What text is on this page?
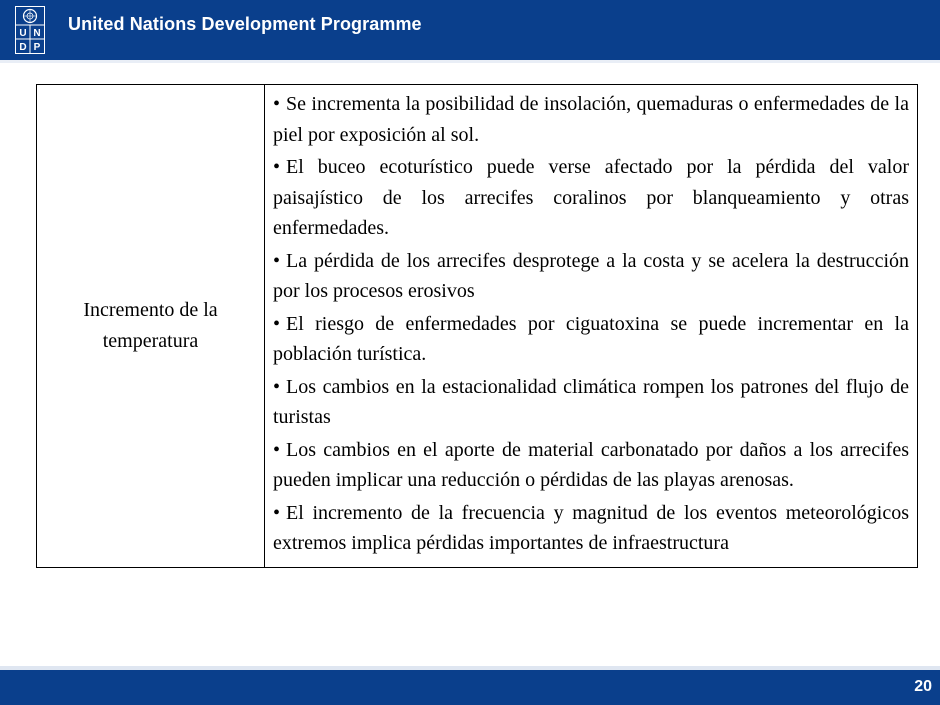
U N
D P
United Nations Development Programme
Incremento de la temperatura	
• Se incrementa la posibilidad de insolación, quemaduras o enfermedades de la piel por exposición al sol.
• El buceo ecoturístico puede verse afectado por la pérdida del valor paisajístico de los arrecifes coralinos por blanqueamiento y otras enfermedades.
• La pérdida de los arrecifes desprotege a la costa y se acelera la destrucción por los procesos erosivos
• El riesgo de enfermedades por ciguatoxina se puede incrementar en la población turística.
• Los cambios en la estacionalidad climática rompen los patrones del flujo de turistas
• Los cambios en el aporte de material carbonatado por daños a los arrecifes pueden implicar una reducción o pérdidas de las playas arenosas.
• El incremento de la frecuencia y magnitud de los eventos meteorológicos extremos implica pérdidas importantes de infraestructura
20
